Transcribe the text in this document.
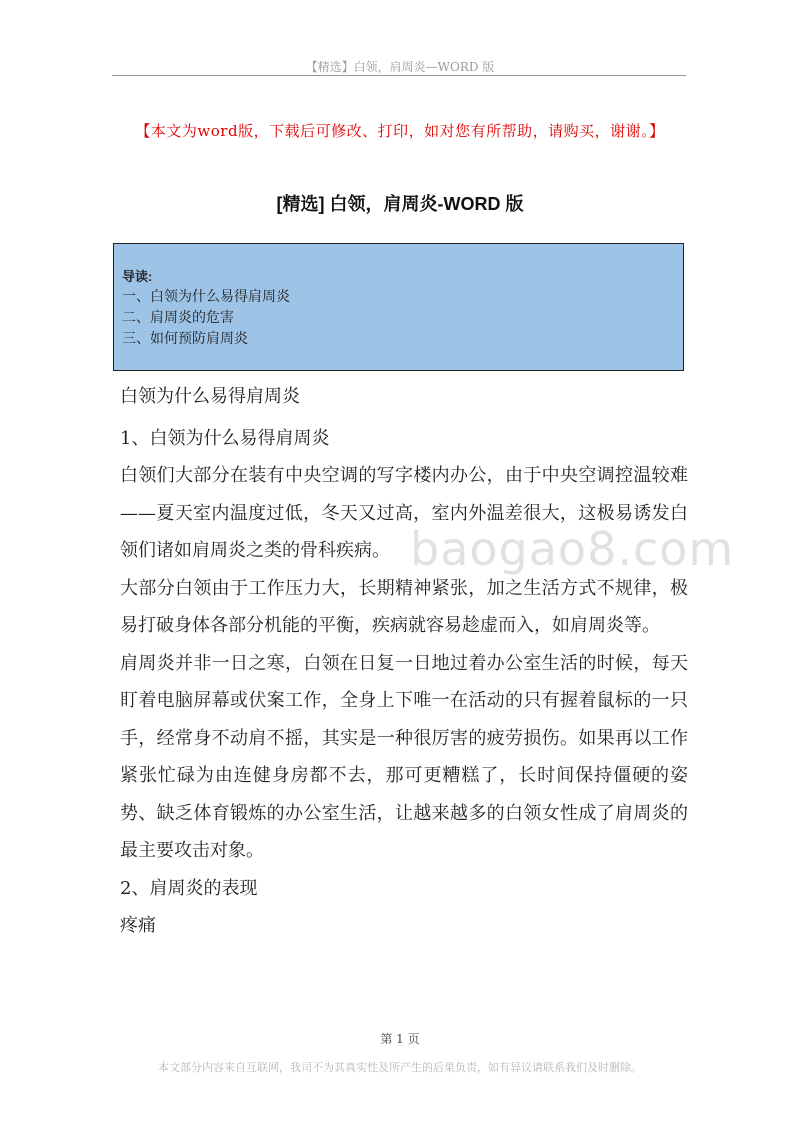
【精选】白领，肩周炎—WORD 版
【本文为word版，下载后可修改、打印，如对您有所帮助，请购买，谢谢。】
[精选] 白领，肩周炎-WORD 版
导读:
一、白领为什么易得肩周炎
二、肩周炎的危害
三、如何预防肩周炎

白领为什么易得肩周炎

1、白领为什么易得肩周炎

白领们大部分在装有中央空调的写字楼内办公，由于中央空调控温较难——夏天室内温度过低，冬天又过高，室内外温差很大，这极易诱发白领们诸如肩周炎之类的骨科疾病。

大部分白领由于工作压力大，长期精神紧张，加之生活方式不规律，极易打破身体各部分机能的平衡，疾病就容易趁虚而入，如肩周炎等。

肩周炎并非一日之寒，白领在日复一日地过着办公室生活的时候，每天盯着电脑屏幕或伏案工作，全身上下唯一在活动的只有握着鼠标的一只手，经常身不动肩不摇，其实是一种很厉害的疲劳损伤。如果再以工作紧张忙碌为由连健身房都不去，那可更糟糕了，长时间保持僵硬的姿势、缺乏体育锻炼的办公室生活，让越来越多的白领女性成了肩周炎的最主要攻击对象。

2、肩周炎的表现

疼痛

baogao8.com
第 1 页
本文部分内容来自互联网，我司不为其真实性及所产生的后果负责，如有异议请联系我们及时删除。
